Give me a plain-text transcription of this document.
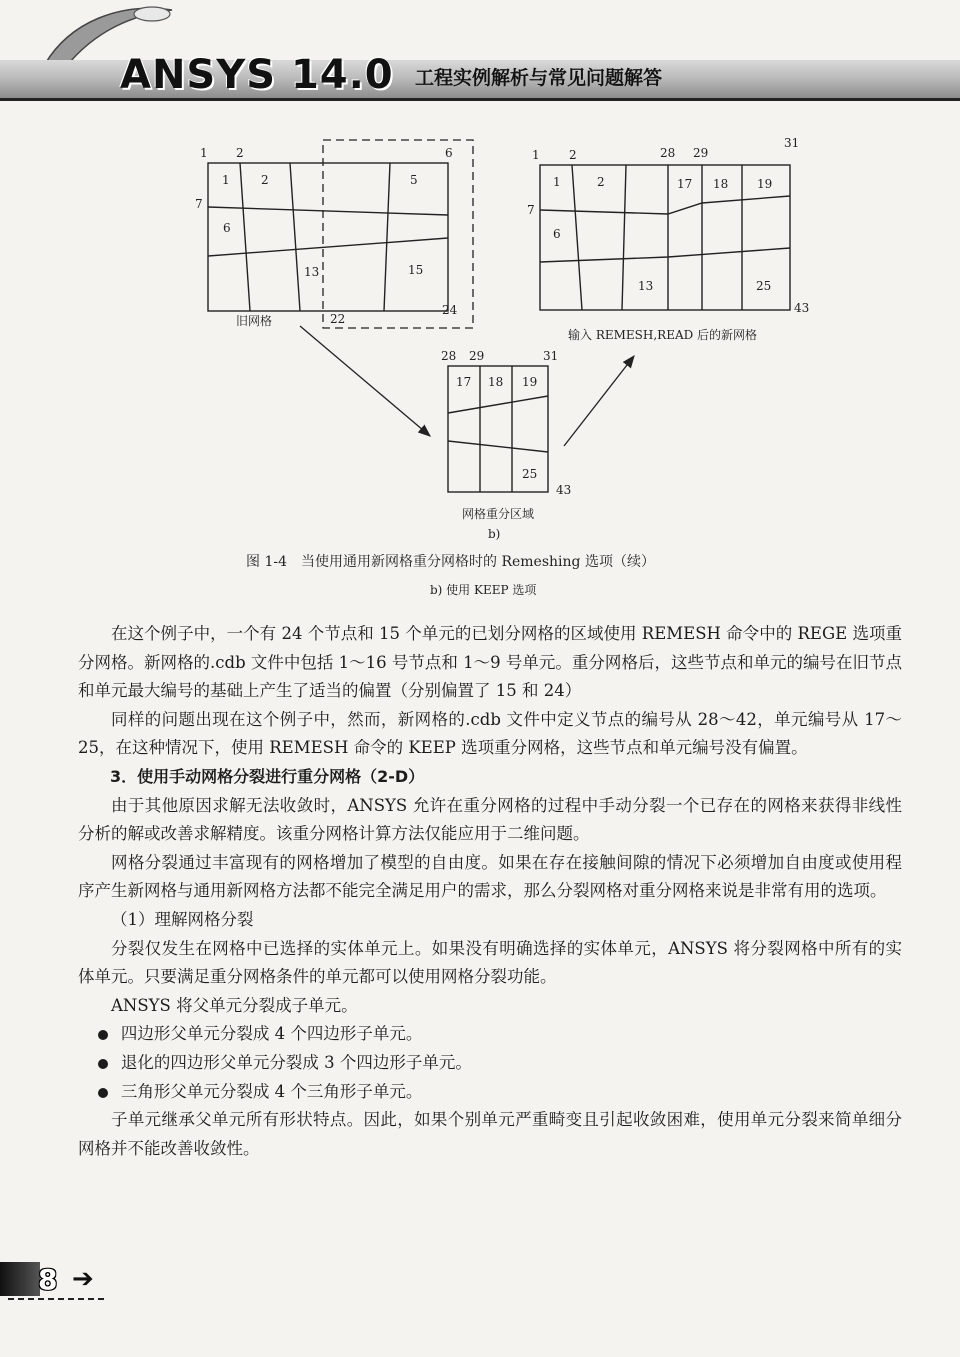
ANSYS 14.0 工程实例解析与常见问题解答
1 2	6
7
22
24
1	2	5
6
13	15
旧网格
1 2	28 29
31
7
43
1	2	17 18 19
6
13	25
输入 REMESH,READ 后的新网格
28 29	31
43
17 18 19
25
网格重分区域
b)
图 1-4　当使用通用新网格重分网格时的 Remeshing 选项（续）
b) 使用 KEEP 选项

在这个例子中，一个有 24 个节点和 15 个单元的已划分网格的区域使用 REMESH 命令中的 REGE 选项重分网格。新网格的.cdb 文件中包括 1～16 号节点和 1～9 号单元。重分网格后，这些节点和单元的编号在旧节点和单元最大编号的基础上产生了适当的偏置（分别偏置了 15 和 24）

同样的问题出现在这个例子中，然而，新网格的.cdb 文件中定义节点的编号从 28～42，单元编号从 17～25，在这种情况下，使用 REMESH 命令的 KEEP 选项重分网格，这些节点和单元编号没有偏置。

3．使用手动网格分裂进行重分网格（2-D）

由于其他原因求解无法收敛时，ANSYS 允许在重分网格的过程中手动分裂一个已存在的网格来获得非线性分析的解或改善求解精度。该重分网格计算方法仅能应用于二维问题。

网格分裂通过丰富现有的网格增加了模型的自由度。如果在存在接触间隙的情况下必须增加自由度或使用程序产生新网格与通用新网格方法都不能完全满足用户的需求，那么分裂网格对重分网格来说是非常有用的选项。

（1）理解网格分裂

分裂仅发生在网格中已选择的实体单元上。如果没有明确选择的实体单元，ANSYS 将分裂网格中所有的实体单元。只要满足重分网格条件的单元都可以使用网格分裂功能。

ANSYS 将父单元分裂成子单元。

四边形父单元分裂成 4 个四边形子单元。
退化的四边形父单元分裂成 3 个四边形子单元。
三角形父单元分裂成 4 个三角形子单元。

子单元继承父单元所有形状特点。因此，如果个别单元严重畸变且引起收敛困难，使用单元分裂来简单细分网格并不能改善收敛性。

8 ➔
